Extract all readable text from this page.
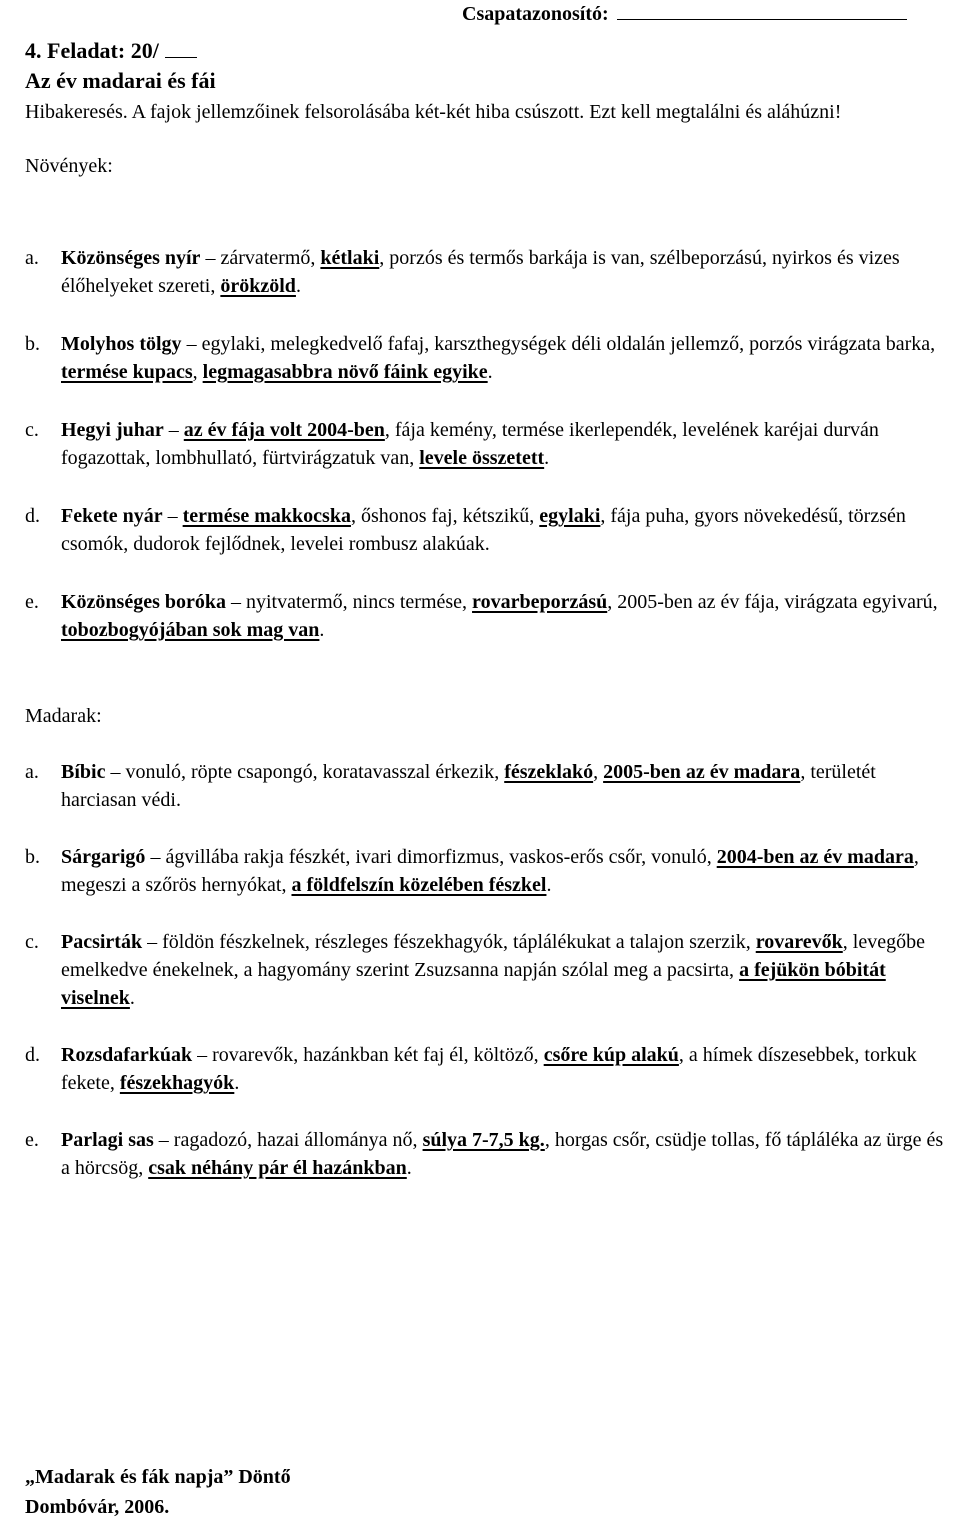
Csapatazonosító:
4. Feladat: 20/
Az év madarai és fái
Hibakeresés. A fajok jellemzőinek felsorolásába két-két hiba csúszott. Ezt kell megtalálni és aláhúzni!
Növények:
a.	Közönséges nyír – zárvatermő, kétlaki, porzós és termős barkája is van, szélbeporzású, nyirkos és vizes élőhelyeket szereti, örökzöld.
b.	Molyhos tölgy – egylaki, melegkedvelő fafaj, karszthegységek déli oldalán jellemző, porzós virágzata barka, termése kupacs, legmagasabbra növő fáink egyike.
c.	Hegyi juhar – az év fája volt 2004-ben, fája kemény, termése ikerlependék, levelének karéjai durván fogazottak, lombhullató, fürtvirágzatuk van, levele összetett.
d.	Fekete nyár – termése makkocska, őshonos faj, kétszikű, egylaki, fája puha, gyors növekedésű, törzsén csomók, dudorok fejlődnek, levelei rombusz alakúak.
e.	Közönséges boróka – nyitvatermő, nincs termése, rovarbeporzású, 2005-ben az év fája, virágzata egyivarú, tobozbogyójában sok mag van.
Madarak:
a.	Bíbic – vonuló, röpte csapongó, koratavasszal érkezik, fészeklakó, 2005-ben az év madara, területét harciasan védi.
b.	Sárgarigó – ágvillába rakja fészkét, ivari dimorfizmus, vaskos-erős csőr, vonuló, 2004-ben az év madara, megeszi a szőrös hernyókat, a földfelszín közelében fészkel.
c.	Pacsirták – földön fészkelnek, részleges fészekhagyók, táplálékukat a talajon szerzik, rovarevők, levegőbe emelkedve énekelnek, a hagyomány szerint Zsuzsanna napján szólal meg a pacsirta, a fejükön bóbitát viselnek.
d.	Rozsdafarkúak – rovarevők, hazánkban két faj él, költöző, csőre kúp alakú, a hímek díszesebbek, torkuk fekete, fészekhagyók.
e.	Parlagi sas – ragadozó, hazai állománya nő, súlya 7-7,5 kg., horgas csőr, csüdje tollas, fő tápláléka az ürge és a hörcsög, csak néhány pár él hazánkban.
„Madarak és fák napja” Döntő
Dombóvár, 2006.
